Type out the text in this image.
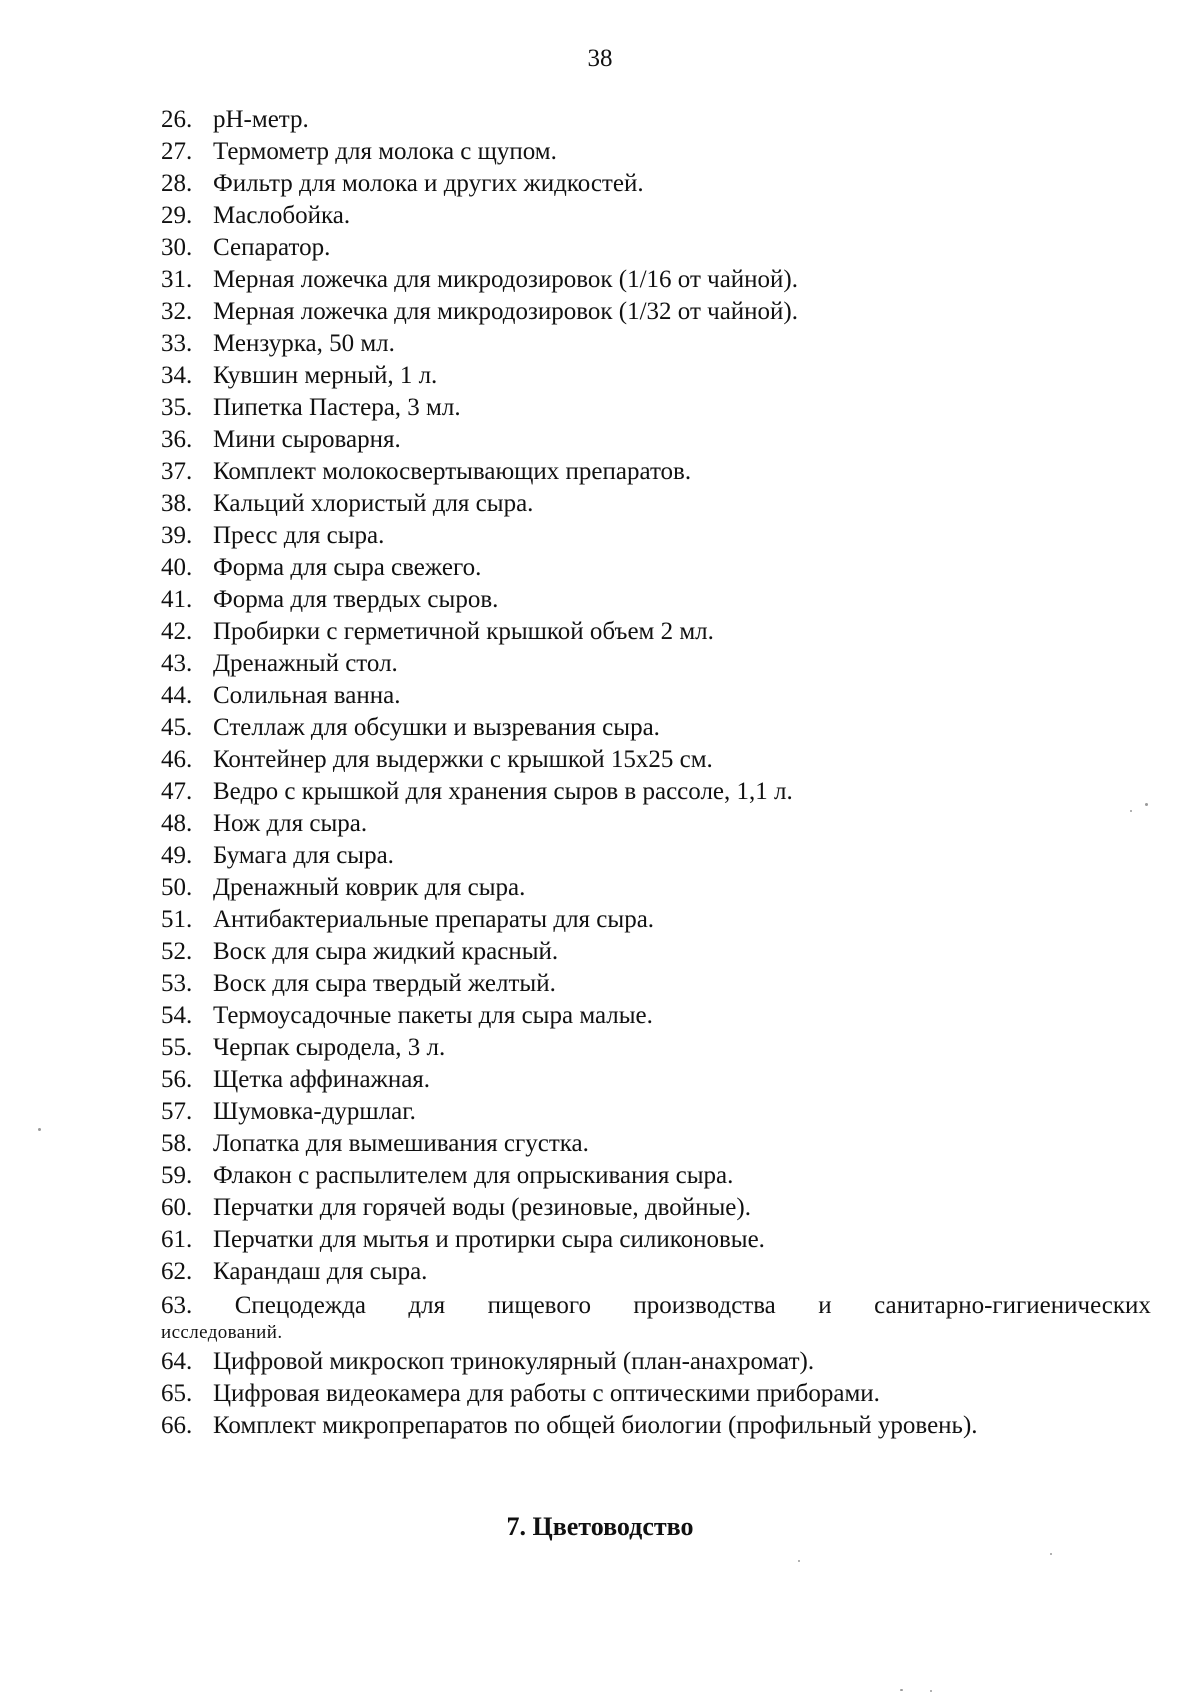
38
26. pH-метр.
27. Термометр для молока с щупом.
28. Фильтр для молока и других жидкостей.
29. Маслобойка.
30. Сепаратор.
31. Мерная ложечка для микродозировок (1/16 от чайной).
32. Мерная ложечка для микродозировок (1/32 от чайной).
33. Мензурка, 50 мл.
34. Кувшин мерный, 1 л.
35. Пипетка Пастера, 3 мл.
36. Мини сыроварня.
37. Комплект молокосвертывающих препаратов.
38. Кальций хлористый для сыра.
39. Пресс для сыра.
40. Форма для сыра свежего.
41. Форма для твердых сыров.
42. Пробирки с герметичной крышкой объем 2 мл.
43. Дренажный стол.
44. Солильная ванна.
45. Стеллаж для обсушки и вызревания сыра.
46. Контейнер для выдержки с крышкой 15х25 см.
47. Ведро с крышкой для хранения сыров в рассоле, 1,1 л.
48. Нож для сыра.
49. Бумага для сыра.
50. Дренажный коврик для сыра.
51. Антибактериальные препараты для сыра.
52. Воск для сыра жидкий красный.
53. Воск для сыра твердый желтый.
54. Термоусадочные пакеты для сыра малые.
55. Черпак сыродела, 3 л.
56. Щетка аффинажная.
57. Шумовка-дуршлаг.
58. Лопатка для вымешивания сгустка.
59. Флакон с распылителем для опрыскивания сыра.
60. Перчатки для горячей воды (резиновые, двойные).
61. Перчатки для мытья и протирки сыра силиконовые.
62. Карандаш для сыра.
63. Спецодежда для пищевого производства и санитарно-гигиенических
исследований.
64. Цифровой микроскоп тринокулярный (план-анахромат).
65. Цифровая видеокамера для работы с оптическими приборами.
66. Комплект микропрепаратов по общей биологии (профильный уровень).
7. Цветоводство
